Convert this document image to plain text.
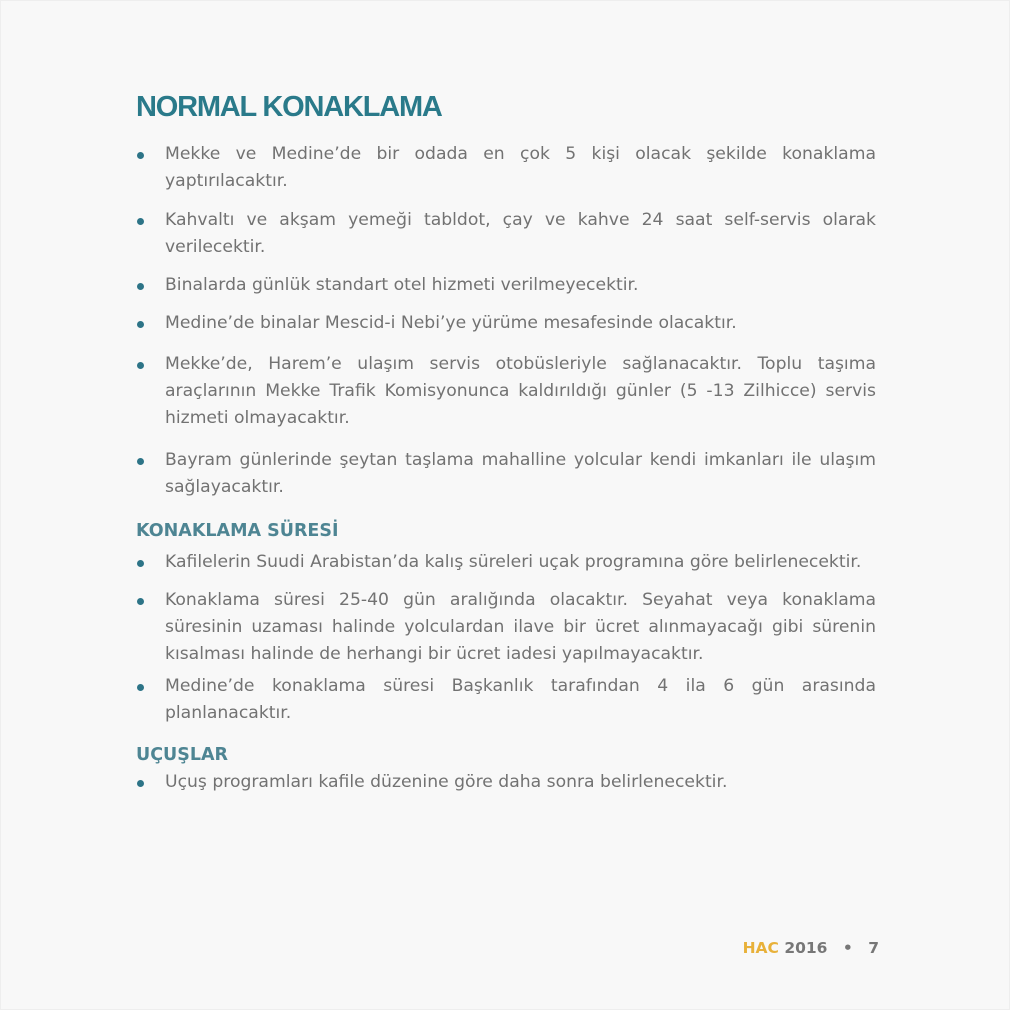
NORMAL KONAKLAMA
Mekke ve Medine’de bir odada en çok 5 kişi olacak şekilde konaklama yaptırılacaktır.
Kahvaltı ve akşam yemeği tabldot, çay ve kahve 24 saat self-servis olarak verilecektir.
Binalarda günlük standart otel hizmeti verilmeyecektir.
Medine’de binalar Mescid-i Nebi’ye yürüme mesafesinde olacaktır.
Mekke’de, Harem’e ulaşım servis otobüsleriyle sağlanacaktır. Toplu taşıma araçlarının Mekke Trafik Komisyonunca kaldırıldığı günler (5 -13 Zilhicce) servis hizmeti olmayacaktır.
Bayram günlerinde şeytan taşlama mahalline yolcular kendi imkanları ile ulaşım sağlayacaktır.
KONAKLAMA SÜRESİ
Kafilelerin Suudi Arabistan’da kalış süreleri uçak programına göre belirlenecektir.
Konaklama süresi 25-40 gün aralığında olacaktır. Seyahat veya konaklama süresinin uzaması halinde yolculardan ilave bir ücret alınmayacağı gibi sürenin kısalması halinde de herhangi bir ücret iadesi yapılmayacaktır.
Medine’de konaklama süresi Başkanlık tarafından 4 ila 6 gün arasında planlanacaktır.
UÇUŞLAR
Uçuş programları kafile düzenine göre daha sonra belirlenecektir.
HAC 2016 • 7
